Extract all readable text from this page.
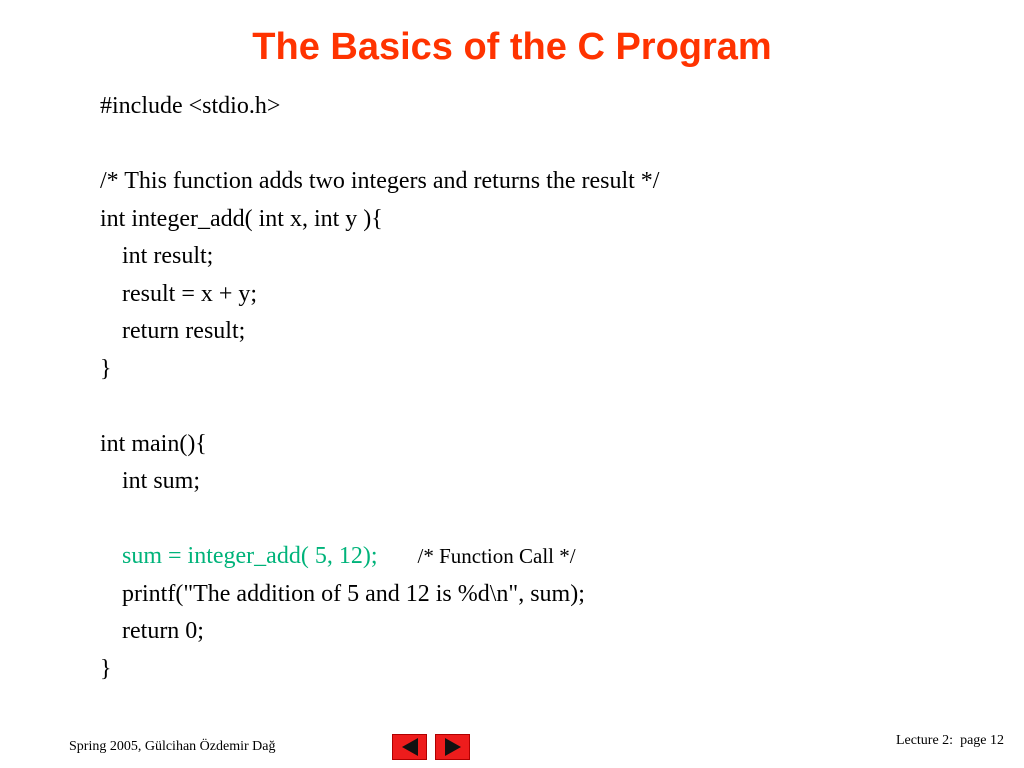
The Basics of the C Program
#include <stdio.h>
/* This function adds two integers and returns the result */
int integer_add( int x, int y ){
int result;
result = x + y;
return result;
}
int main(){
int sum;
sum = integer_add( 5, 12); /* Function Call */
printf("The addition of 5 and 12 is %d\n", sum);
return 0;
}
Spring 2005, Gülcihan Özdemir Dağ	Lecture 2:  page 12
